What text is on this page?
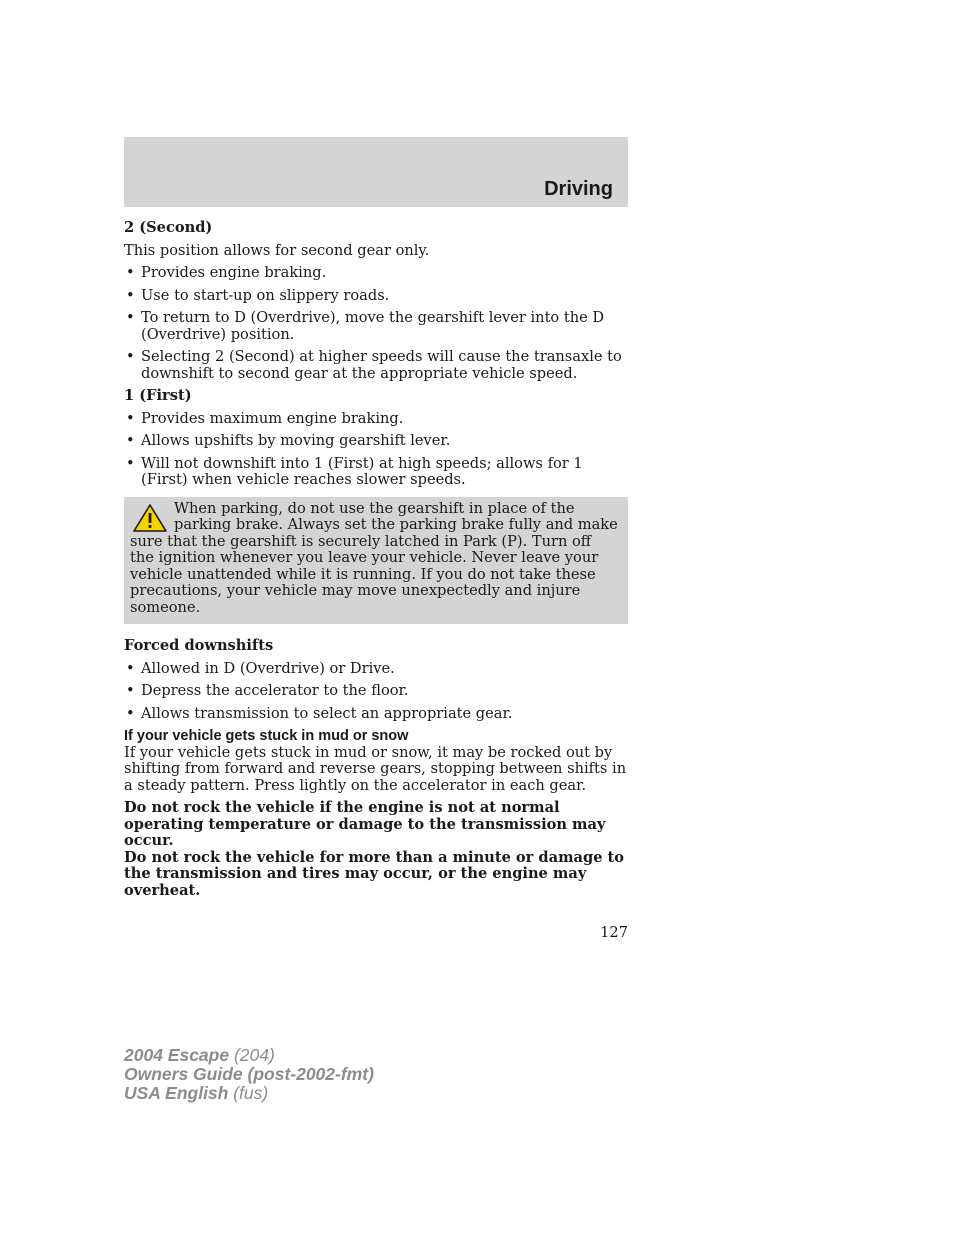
Driving

2 (Second)

This position allows for second gear only.

• Provides engine braking.
• Use to start-up on slippery roads.
• To return to D (Overdrive), move the gearshift lever into the D (Overdrive) position.
• Selecting 2 (Second) at higher speeds will cause the transaxle to downshift to second gear at the appropriate vehicle speed.

1 (First)

• Provides maximum engine braking.
• Allows upshifts by moving gearshift lever.
• Will not downshift into 1 (First) at high speeds; allows for 1 (First) when vehicle reaches slower speeds.
When parking, do not use the gearshift in place of the parking brake. Always set the parking brake fully and make sure that the gearshift is securely latched in Park (P). Turn off the ignition whenever you leave your vehicle. Never leave your vehicle unattended while it is running. If you do not take these precautions, your vehicle may move unexpectedly and injure someone.

Forced downshifts

• Allowed in D (Overdrive) or Drive.
• Depress the accelerator to the floor.
• Allows transmission to select an appropriate gear.

If your vehicle gets stuck in mud or snow

If your vehicle gets stuck in mud or snow, it may be rocked out by shifting from forward and reverse gears, stopping between shifts in a steady pattern. Press lightly on the accelerator in each gear.

Do not rock the vehicle if the engine is not at normal operating temperature or damage to the transmission may occur.

Do not rock the vehicle for more than a minute or damage to the transmission and tires may occur, or the engine may overheat.

127
2004 Escape (204)
Owners Guide (post-2002-fmt)
USA English (fus)
